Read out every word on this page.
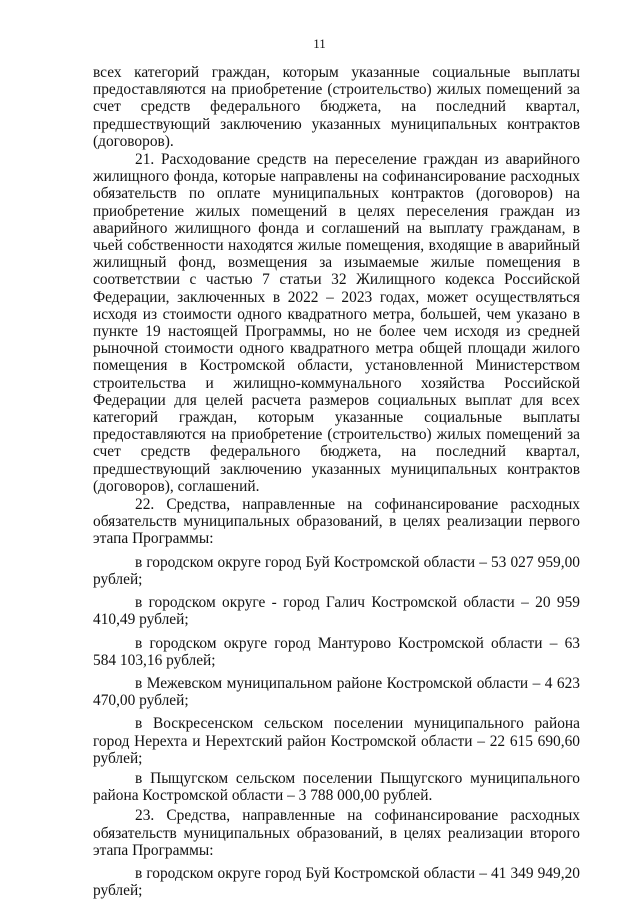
11

всех категорий граждан, которым указанные социальные выплаты предоставляются на приобретение (строительство) жилых помещений за счет средств федерального бюджета, на последний квартал, предшествующий заключению указанных муниципальных контрактов (договоров).

21. Расходование средств на переселение граждан из аварийного жилищного фонда, которые направлены на софинансирование расходных обязательств по оплате муниципальных контрактов (договоров) на приобретение жилых помещений в целях переселения граждан из аварийного жилищного фонда и соглашений на выплату гражданам, в чьей собственности находятся жилые помещения, входящие в аварийный жилищный фонд, возмещения за изымаемые жилые помещения в соответствии с частью 7 статьи 32 Жилищного кодекса Российской Федерации, заключенных в 2022 – 2023 годах, может осуществляться исходя из стоимости одного квадратного метра, большей, чем указано в пункте 19 настоящей Программы, но не более чем исходя из средней рыночной стоимости одного квадратного метра общей площади жилого помещения в Костромской области, установленной Министерством строительства и жилищно-коммунального хозяйства Российской Федерации для целей расчета размеров социальных выплат для всех категорий граждан, которым указанные социальные выплаты предоставляются на приобретение (строительство) жилых помещений за счет средств федерального бюджета, на последний квартал, предшествующий заключению указанных муниципальных контрактов (договоров), соглашений.

22. Средства, направленные на софинансирование расходных обязательств муниципальных образований, в целях реализации первого этапа Программы:

в городском округе город Буй Костромской области – 53 027 959,00 рублей;

в городском округе - город Галич Костромской области – 20 959 410,49 рублей;

в городском округе город Мантурово Костромской области – 63 584 103,16 рублей;

в Межевском муниципальном районе Костромской области – 4 623 470,00 рублей;

в Воскресенском сельском поселении муниципального района город Нерехта и Нерехтский район Костромской области – 22 615 690,60 рублей;

в Пыщугском сельском поселении Пыщугского муниципального района Костромской области – 3 788 000,00 рублей.

23. Средства, направленные на софинансирование расходных обязательств муниципальных образований, в целях реализации второго этапа Программы:

в городском округе город Буй Костромской области – 41 349 949,20 рублей;
